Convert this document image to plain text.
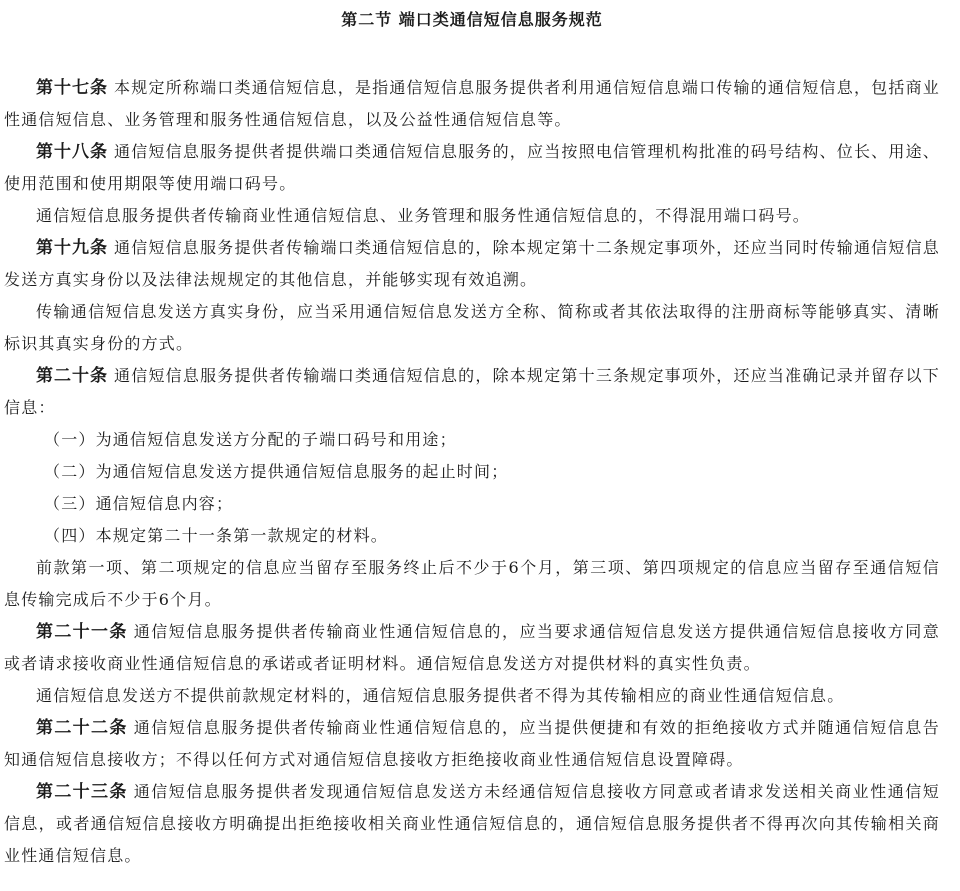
第二节 端口类通信短信息服务规范

第十七条 本规定所称端口类通信短信息，是指通信短信息服务提供者利用通信短信息端口传输的通信短信息，包括商业性通信短信息、业务管理和服务性通信短信息，以及公益性通信短信息等。

第十八条 通信短信息服务提供者提供端口类通信短信息服务的，应当按照电信管理机构批准的码号结构、位长、用途、使用范围和使用期限等使用端口码号。

通信短信息服务提供者传输商业性通信短信息、业务管理和服务性通信短信息的，不得混用端口码号。

第十九条 通信短信息服务提供者传输端口类通信短信息的，除本规定第十二条规定事项外，还应当同时传输通信短信息发送方真实身份以及法律法规规定的其他信息，并能够实现有效追溯。

传输通信短信息发送方真实身份，应当采用通信短信息发送方全称、简称或者其依法取得的注册商标等能够真实、清晰标识其真实身份的方式。

第二十条 通信短信息服务提供者传输端口类通信短信息的，除本规定第十三条规定事项外，还应当准确记录并留存以下信息：

（一）为通信短信息发送方分配的子端口码号和用途；

（二）为通信短信息发送方提供通信短信息服务的起止时间；

（三）通信短信息内容；

（四）本规定第二十一条第一款规定的材料。

前款第一项、第二项规定的信息应当留存至服务终止后不少于6个月，第三项、第四项规定的信息应当留存至通信短信息传输完成后不少于6个月。

第二十一条 通信短信息服务提供者传输商业性通信短信息的，应当要求通信短信息发送方提供通信短信息接收方同意或者请求接收商业性通信短信息的承诺或者证明材料。通信短信息发送方对提供材料的真实性负责。

通信短信息发送方不提供前款规定材料的，通信短信息服务提供者不得为其传输相应的商业性通信短信息。

第二十二条 通信短信息服务提供者传输商业性通信短信息的，应当提供便捷和有效的拒绝接收方式并随通信短信息告知通信短信息接收方；不得以任何方式对通信短信息接收方拒绝接收商业性通信短信息设置障碍。

第二十三条 通信短信息服务提供者发现通信短信息发送方未经通信短信息接收方同意或者请求发送相关商业性通信短信息，或者通信短信息接收方明确提出拒绝接收相关商业性通信短信息的，通信短信息服务提供者不得再次向其传输相关商业性通信短信息。
